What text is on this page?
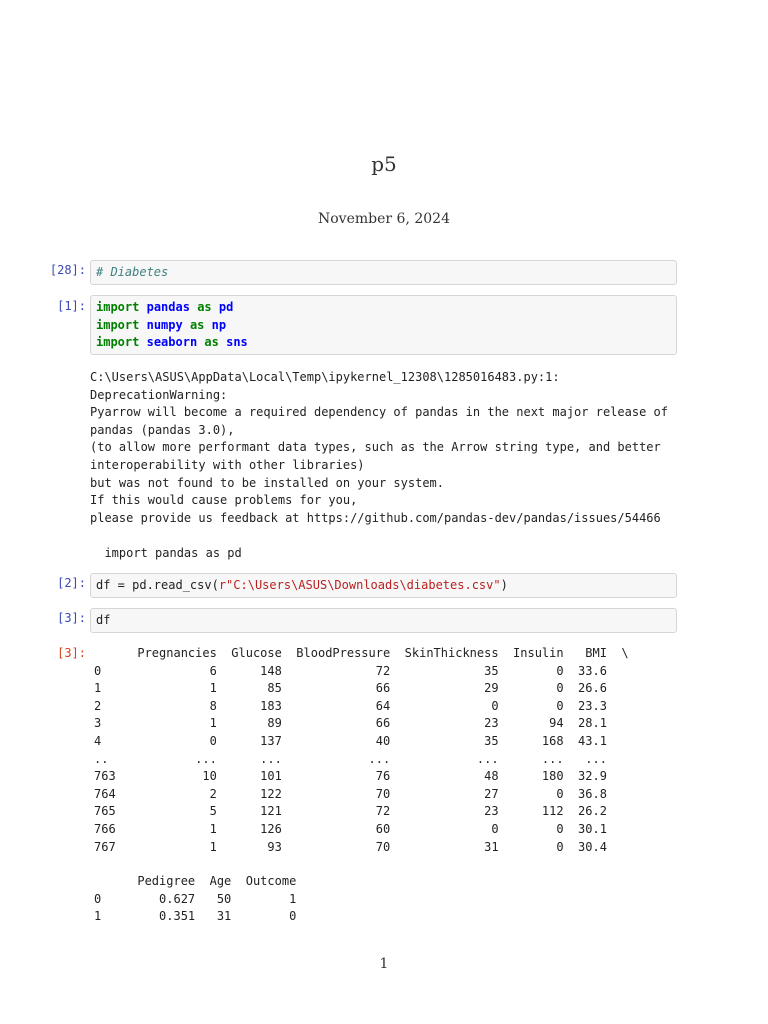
p5
November 6, 2024
[28]: # Diabetes
[1]: import pandas as pd
import numpy as np
import seaborn as sns
C:\Users\ASUS\AppData\Local\Temp\ipykernel_12308\1285016483.py:1:
DeprecationWarning:
Pyarrow will become a required dependency of pandas in the next major release of
pandas (pandas 3.0),
(to allow more performant data types, such as the Arrow string type, and better
interoperability with other libraries)
but was not found to be installed on your system.
If this would cause problems for you,
please provide us feedback at https://github.com/pandas-dev/pandas/issues/54466
import pandas as pd
[2]: df = pd.read_csv(r"C:\Users\ASUS\Downloads\diabetes.csv")
[3]: df
[3]:	Pregnancies  Glucose  BloodPressure  SkinThickness  Insulin   BMI  \
0               6      148             72             35        0  33.6
1               1       85             66             29        0  26.6
2               8      183             64              0        0  23.3
3               1       89             66             23       94  28.1
4               0      137             40             35      168  43.1
..            ...      ...            ...            ...      ...   ...
763            10      101             76             48      180  32.9
764             2      122             70             27        0  36.8
765             5      121             72             23      112  26.2
766             1      126             60              0        0  30.1
767             1       93             70             31        0  30.4
Pedigree  Age  Outcome
0        0.627   50        1
1        0.351   31        0
1
